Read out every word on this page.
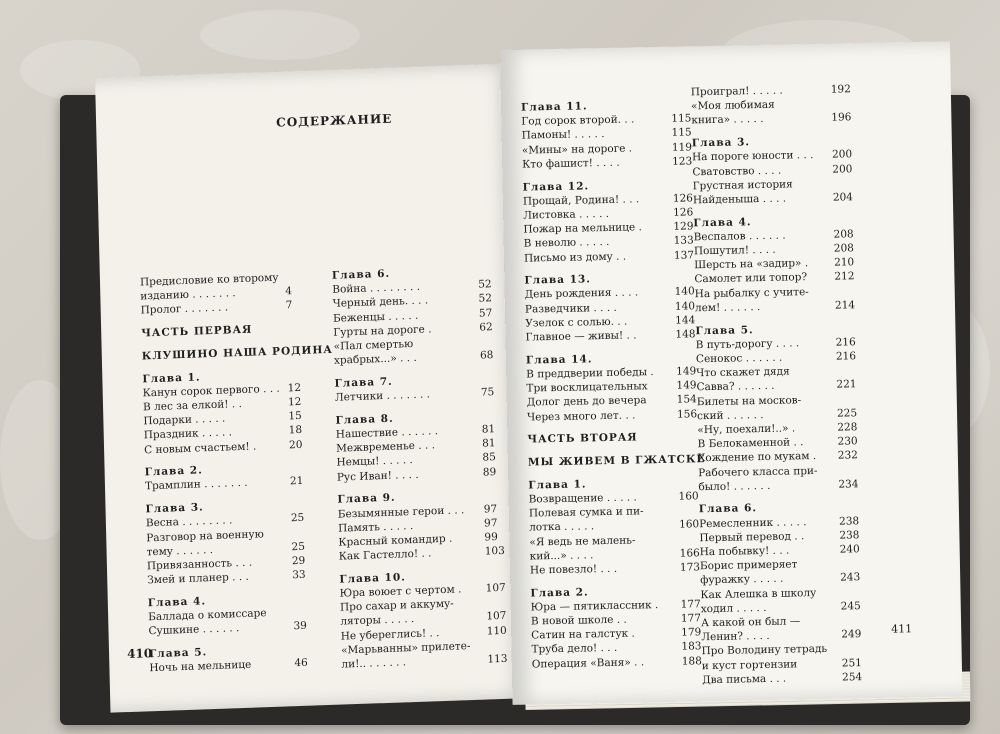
СОДЕРЖАНИЕ
Предисловие ко второму
изданию . . . . . . .	4
Пролог . . . . . . .	7
ЧАСТЬ ПЕРВАЯ
КЛУШИНО НАША РОДИНА
Глава 1.
Канун сорок первого . . . 12
В лес за елкой! . .	12
Подарки . . . . .	15
Праздник . . . . .	18
С новым счастьем! .	20
Глава 2.
Трамплин . . . . . . .	21
Глава 3.
Весна . . . . . . . .	25
Разговор на военную
тему . . . . . .	25
Привязанность . . .	29
Змей и планер . . .	33
Глава 4.
Баллада о комиссаре
Сушкине . . . . . .	39
Глава 5.
Ночь на мельнице	46
Глава 6.
Война . . . . . . . .	52
Черный день. . . .	52
Беженцы . . . . .	57
Гурты на дороге .	62
«Пал смертью
храбрых...» . . .	68
Глава 7.
Летчики . . . . . . .	75
Глава 8.
Нашествие . . . . . .	81
Межвременье . . .	81
Немцы! . . . . .	85
Рус Иван! . . . .	89
Глава 9.
Безымянные герои . . . 97
Память . . . . .	97
Красный командир .	99
Как Гастелло! . .	103
Глава 10.
Юра воюет с чертом . 107
Про сахар и аккуму-
ляторы . . . . .	107
Не уберeглись! . .	110
«Марьванны» прилете-
ли!.. . . . . . .	113
410
Глава 11.
Год сорок второй. . .	115
Памоны! . . . . .	115
«Мины» на дороге .	119
Кто фашист! . . . .	123
Глава 12.
Прощай, Родина! . . .	126
Листовка . . . . .	126
Пожар на мельнице .	129
В неволю . . . . .	133
Письмо из дому . .	137
Глава 13.
День рождения . . . .	140
Разведчики . . . .	140
Узелок с солью. . .	144
Главное — живы! . .	148
Глава 14.
В преддверии победы . 149
Три восклицательных	149
Долог день до вечера	154
Через много лет. . .	156
ЧАСТЬ ВТОРАЯ
МЫ ЖИВЕМ В ГЖАТСКЕ
Глава 1.
Возвращение . . . . .	160
Полевая сумка и пи-
лотка . . . . .	160
«Я ведь не малень-
кий...» . . . .	166
Не повезло! . . .	173
Глава 2.
Юра — пятиклассник . 177
В новой школе . .	177
Сатин на галстук .	179
Труба дело! . . .	183
Операция «Ваня» . .	188
Проиграл! . . . . .	192
«Моя любимая
книга» . . . . .	196
Глава 3.
На пороге юности . . . 200
Сватовство . . . .	200
Грустная история
Найденыша . . . .	204
Глава 4.
Веспалов . . . . . .	208
Пошутил! . . . .	208
Шерсть на «задир» . 210
Самолет или топор?	212
На рыбалку с учите-
лем! . . . . . .	214
Глава 5.
В путь-дорогу . . . .	216
Сенокос . . . . . .	216
Что скажет дядя
Савва? . . . . . .	221
Билеты на москов-
ский . . . . . .	225
«Ну, поехали!..» .	228
В Белокаменной . .	230
Хождение по мукам . 232
Рабочего класса при-
было! . . . . . .	234
Глава 6.
Ремесленник . . . . .	238
Первый перевод . .	238
На побывку! . . .	240
Борис примеряет
фуражку . . . . .	243
Как Алешка в школу
ходил . . . . .	245
А какой он был —
Ленин? . . . .	249
Про Володину тетрадь
и куст гортензии	251
Два письма . . .	254
411
